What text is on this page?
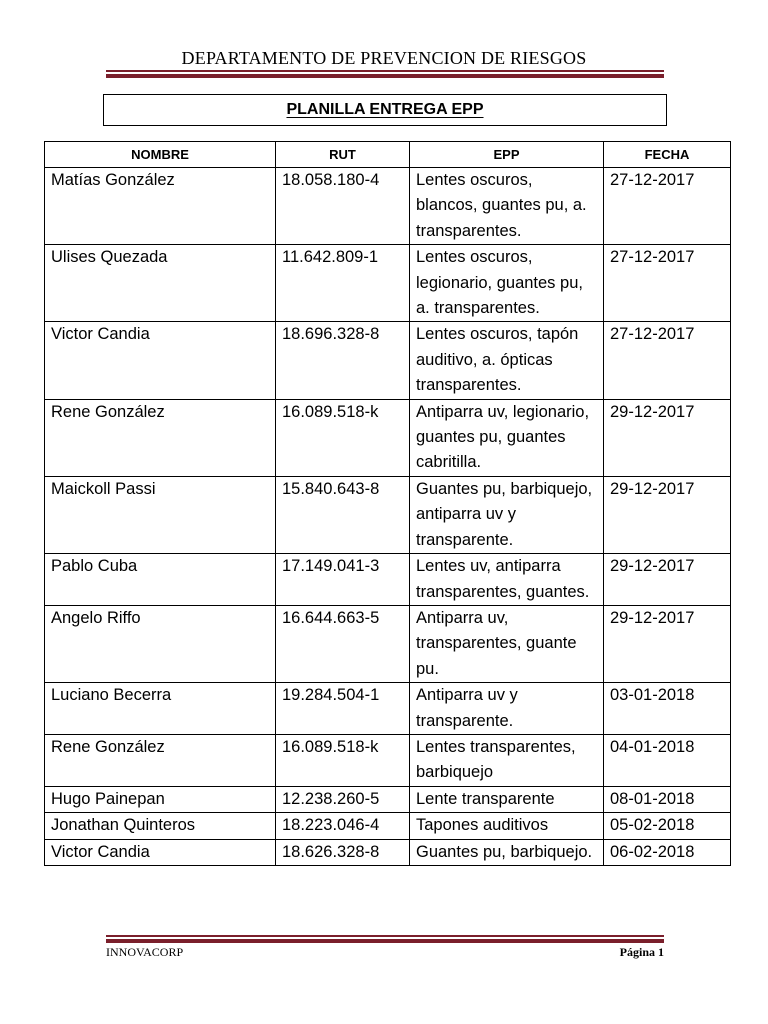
DEPARTAMENTO DE PREVENCION DE RIESGOS
PLANILLA ENTREGA EPP
NOMBRE	RUT	EPP	FECHA
Matías González	18.058.180-4	Lentes oscuros, blancos, guantes pu, a. transparentes.	27-12-2017
Ulises Quezada	11.642.809-1	Lentes oscuros, legionario, guantes pu, a. transparentes.	27-12-2017
Victor Candia	18.696.328-8	Lentes oscuros, tapón auditivo, a. ópticas transparentes.	27-12-2017
Rene González	16.089.518-k	Antiparra uv, legionario, guantes pu, guantes cabritilla.	29-12-2017
Maickoll Passi	15.840.643-8	Guantes pu, barbiquejo, antiparra uv y transparente.	29-12-2017
Pablo Cuba	17.149.041-3	Lentes uv, antiparra transparentes, guantes.	29-12-2017
Angelo Riffo	16.644.663-5	Antiparra uv, transparentes, guante pu.	29-12-2017
Luciano Becerra	19.284.504-1	Antiparra uv y transparente.	03-01-2018
Rene González	16.089.518-k	Lentes transparentes, barbiquejo	04-01-2018
Hugo Painepan	12.238.260-5	Lente transparente	08-01-2018
Jonathan Quinteros	18.223.046-4	Tapones auditivos	05-02-2018
Victor Candia	18.626.328-8	Guantes pu, barbiquejo.	06-02-2018
INNOVACORP	Página 1
